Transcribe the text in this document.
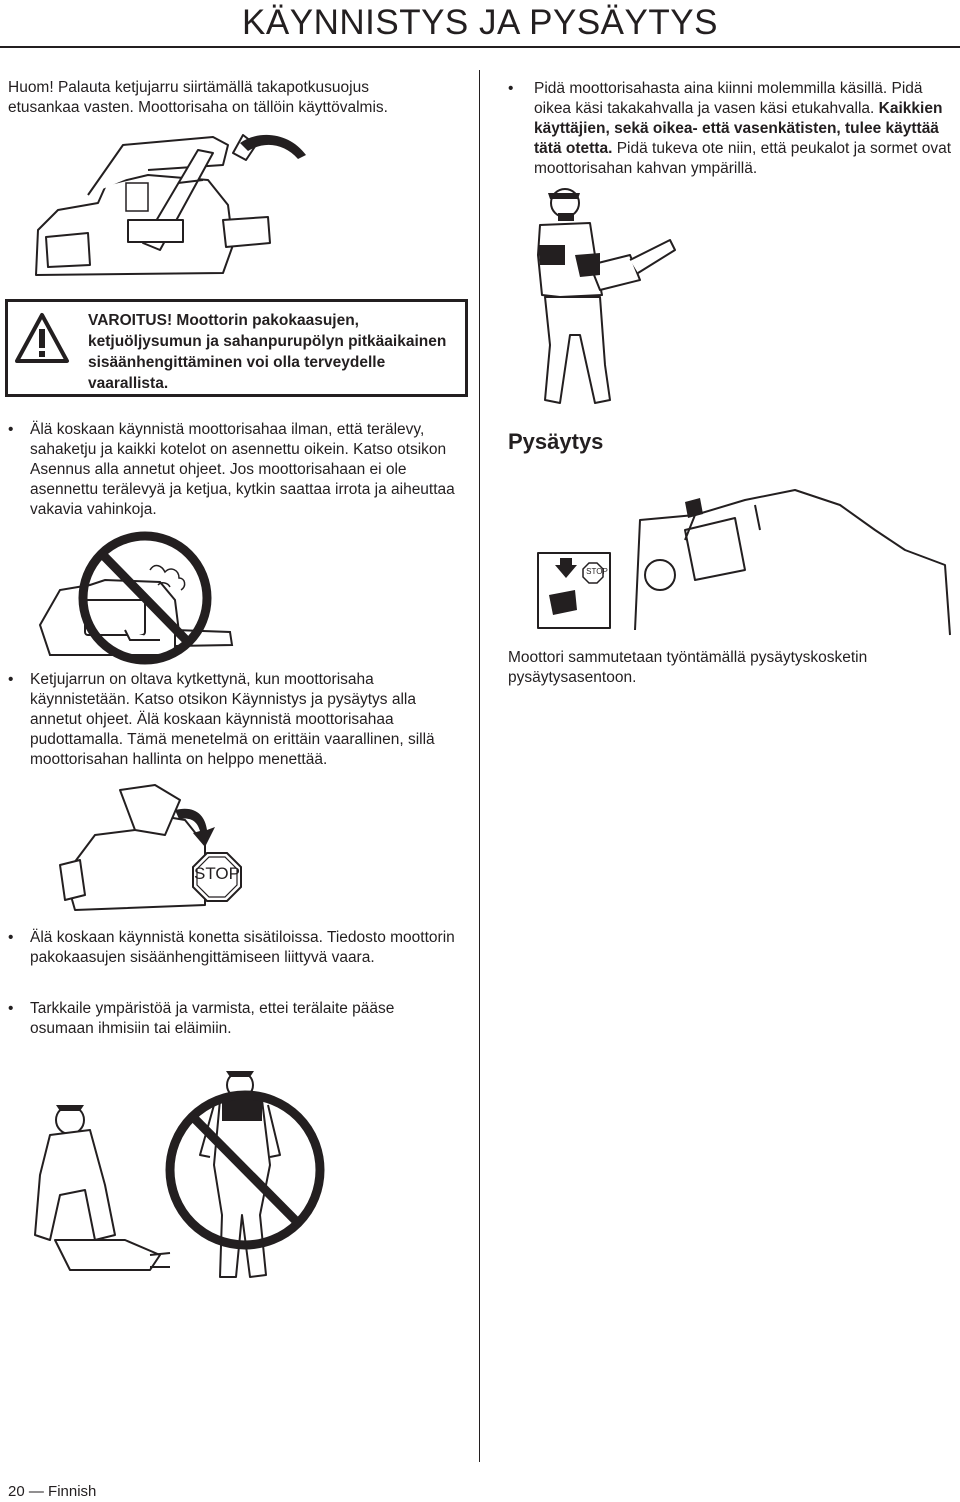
KÄYNNISTYS JA PYSÄYTYS

Huom! Palauta ketjujarru siirtämällä takapotkusuojus etusankaa vasten. Moottorisaha on tällöin käyttövalmis.

VAROITUS! Moottorin pakokaasujen, ketjuöljysumun ja sahanpurupölyn pitkäaikainen sisäänhengittäminen voi olla terveydelle vaarallista.
• Älä koskaan käynnistä moottorisahaa ilman, että terälevy, sahaketju ja kaikki kotelot on asennettu oikein. Katso otsikon Asennus alla annetut ohjeet. Jos moottorisahaan ei ole asennettu terälevyä ja ketjua, kytkin saattaa irrota ja aiheuttaa vakavia vahinkoja.
• Ketjujarrun on oltava kytkettynä, kun moottorisaha käynnistetään. Katso otsikon Käynnistys ja pysäytys alla annetut ohjeet. Älä koskaan käynnistä moottorisahaa pudottamalla. Tämä menetelmä on erittäin vaarallinen, sillä moottorisahan hallinta on helppo menettää.
STOP
• Älä koskaan käynnistä konetta sisätiloissa. Tiedosto moottorin pakokaasujen sisäänhengittämiseen liittyvä vaara.
• Tarkkaile ympäristöä ja varmista, ettei terälaite pääse osumaan ihmisiin tai eläimiin.
• Pidä moottorisahasta aina kiinni molemmilla käsillä. Pidä oikea käsi takakahvalla ja vasen käsi etukahvalla. Kaikkien käyttäjien, sekä oikea- että vasenkätisten, tulee käyttää tätä otetta. Pidä tukeva ote niin, että peukalot ja sormet ovat moottorisahan kahvan ympärillä.

Pysäytys
STOP

Moottori sammutetaan työntämällä pysäytyskosketin pysäytysasentoon.

20 — Finnish
